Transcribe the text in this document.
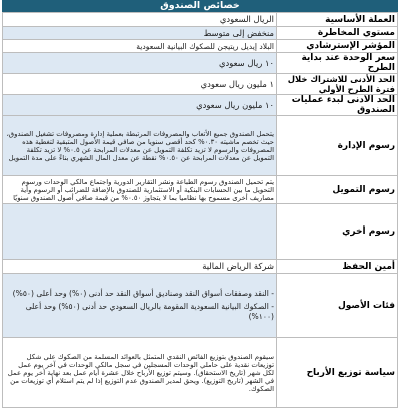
خصائص الصندوق
العملة الأساسية	الريال السعودي
مستوي المخاطرة	منخفض إلى متوسط
المؤشر الإسترشادي	البلاد إيديل ريتيجن للصكوك البيانية السعودية
سعر الوحدة عند بداية الطرح	١٠ ريال سعودي
الحد الأدنى للاشتراك خلال فترة الطرح الأولي	١ مليون ريال سعودي
الحد الأدنى لبدء عمليات الصندوق	١٠ مليون ريال سعودي
رسوم الإدارة	يتحمل الصندوق جميع الأتعاب والمصروفات المرتبطة بعملية إدارة ومصروفات تشغيل الصندوق، حيث تخصم ماشيته ٠.٣٠% كحد أقصى سنويا من صافي قيمة الأصول المتبقية لتغطية هذه المصروفات والرسوم لا تزيد تكلفة التمويل عن معدلات المرابحة عن ٠.٥% لا تزيد تكلفة التمويل عن معدلات المرابحة عن ٠.٥٠% نقطة عن معدل المال الشهري بناءً على مدة التمويل
رسوم التمويل	يتم تحميل الصندوق رسوم الطباعة ونشر التقارير الدورية واجتماع مالكي الوحدات ورسوم التحويل ما بين الحسابات البنكية أو الاستثمارية للصندوق بالإضافة للضرائب أو الرسوم وأية مصاريف أخرى مسموح بها نظاميا بما لا يتجاوز ٠.٥٠% من قيمة صافي أصول الصندوق سنويًا
رسوم أخري	
أمين الحفظ	شركة الرياض المالية
فئات الأصول	- النقد وصفقات أسواق النقد وصناديق أسواق النقد حد أدنى (٠%) وحد أعلى (٥٠%)
- الصكوك البيانية السعودية المقومة بالريال السعودي حد أدنى (٥٠%) وحد أعلى (١٠٠%)

سياسة توزيع الأرباح	سيقوم الصندوق بتوزيع الفائض النقدي المتمثل بالعوائد المسلمة من الصكوك على شكل توزيعات نقدية على حاملي الوحدات المسجلين في سجل مالكي الوحدات في آخر يوم عمل لكل شهر (تاريخ الاستحقاق). وسيتم توزيع الأرباح خلال عشرة أيام عمل بعد نهاية آخر يوم عمل في الشهر (تاريخ التوزيع). ويحق لمدير الصندوق عدم التوزيع إذا لم يتم استلام أي توزيعات من الصكوك.
